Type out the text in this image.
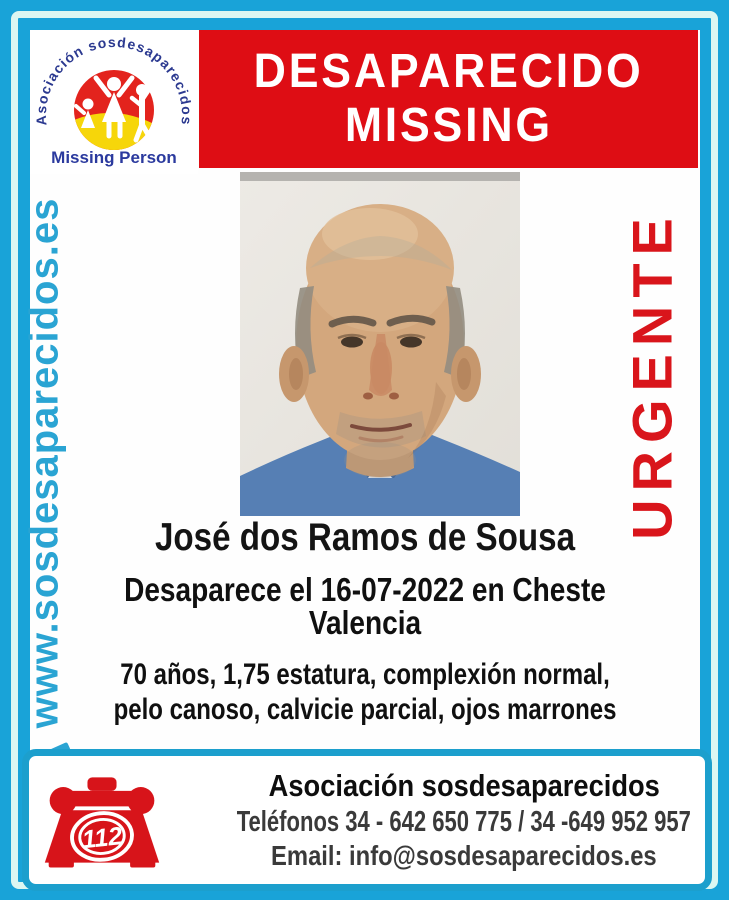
Asociación sosdesaparecidos
Missing Person
DESAPARECIDO
MISSING
www.sosdesaparecidos.es	URGENTE
José dos Ramos de Sousa
Desaparece el 16-07-2022 en Cheste
Valencia
70 años, 1,75 estatura, complexión normal,
pelo canoso, calvicie parcial, ojos marrones
112
Asociación sosdesaparecidos
Teléfonos 34 - 642 650 775 / 34 -649 952 957
Email: info@sosdesaparecidos.es
